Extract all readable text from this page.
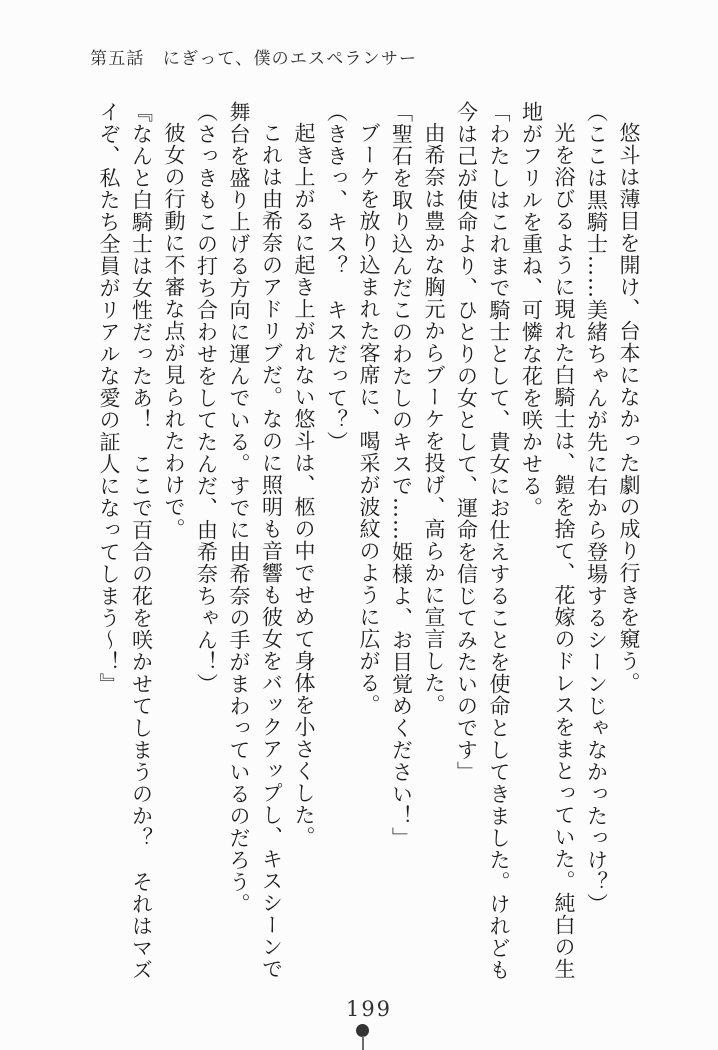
第五話　にぎって、僕のエスペランサー

悠斗は薄目を開け、台本になかった劇の成り行きを窺う。

（ここは黒騎士……美緒ちゃんが先に右から登場するシーンじゃなかったっけ？）

光を浴びるように現れた白騎士は、鎧を捨て、花嫁のドレスをまとっていた。純白の生

地がフリルを重ね、可憐な花を咲かせる。

「わたしはこれまで騎士として、貴女にお仕えすることを使命としてきました。けれども

今は己が使命より、ひとりの女として、運命を信じてみたいのです」

由希奈は豊かな胸元からブーケを投げ、高らかに宣言した。

「聖石を取り込んだこのわたしのキスで……姫様よ、お目覚めください！」

ブーケを放り込まれた客席に、喝采が波紋のように広がる。

（ききっ、キス？　キスだって？）

起き上がるに起き上がれない悠斗は、柩の中でせめて身体を小さくした。

これは由希奈のアドリブだ。なのに照明も音響も彼女をバックアップし、キスシーンで

舞台を盛り上げる方向に運んでいる。すでに由希奈の手がまわっているのだろう。

（さっきもこの打ち合わせをしてたんだ、由希奈ちゃん！）

彼女の行動に不審な点が見られたわけで。

『なんと白騎士は女性だったあ！　ここで百合の花を咲かせてしまうのか？　それはマズ

イぞ、私たち全員がリアルな愛の証人になってしまう～！』

199
